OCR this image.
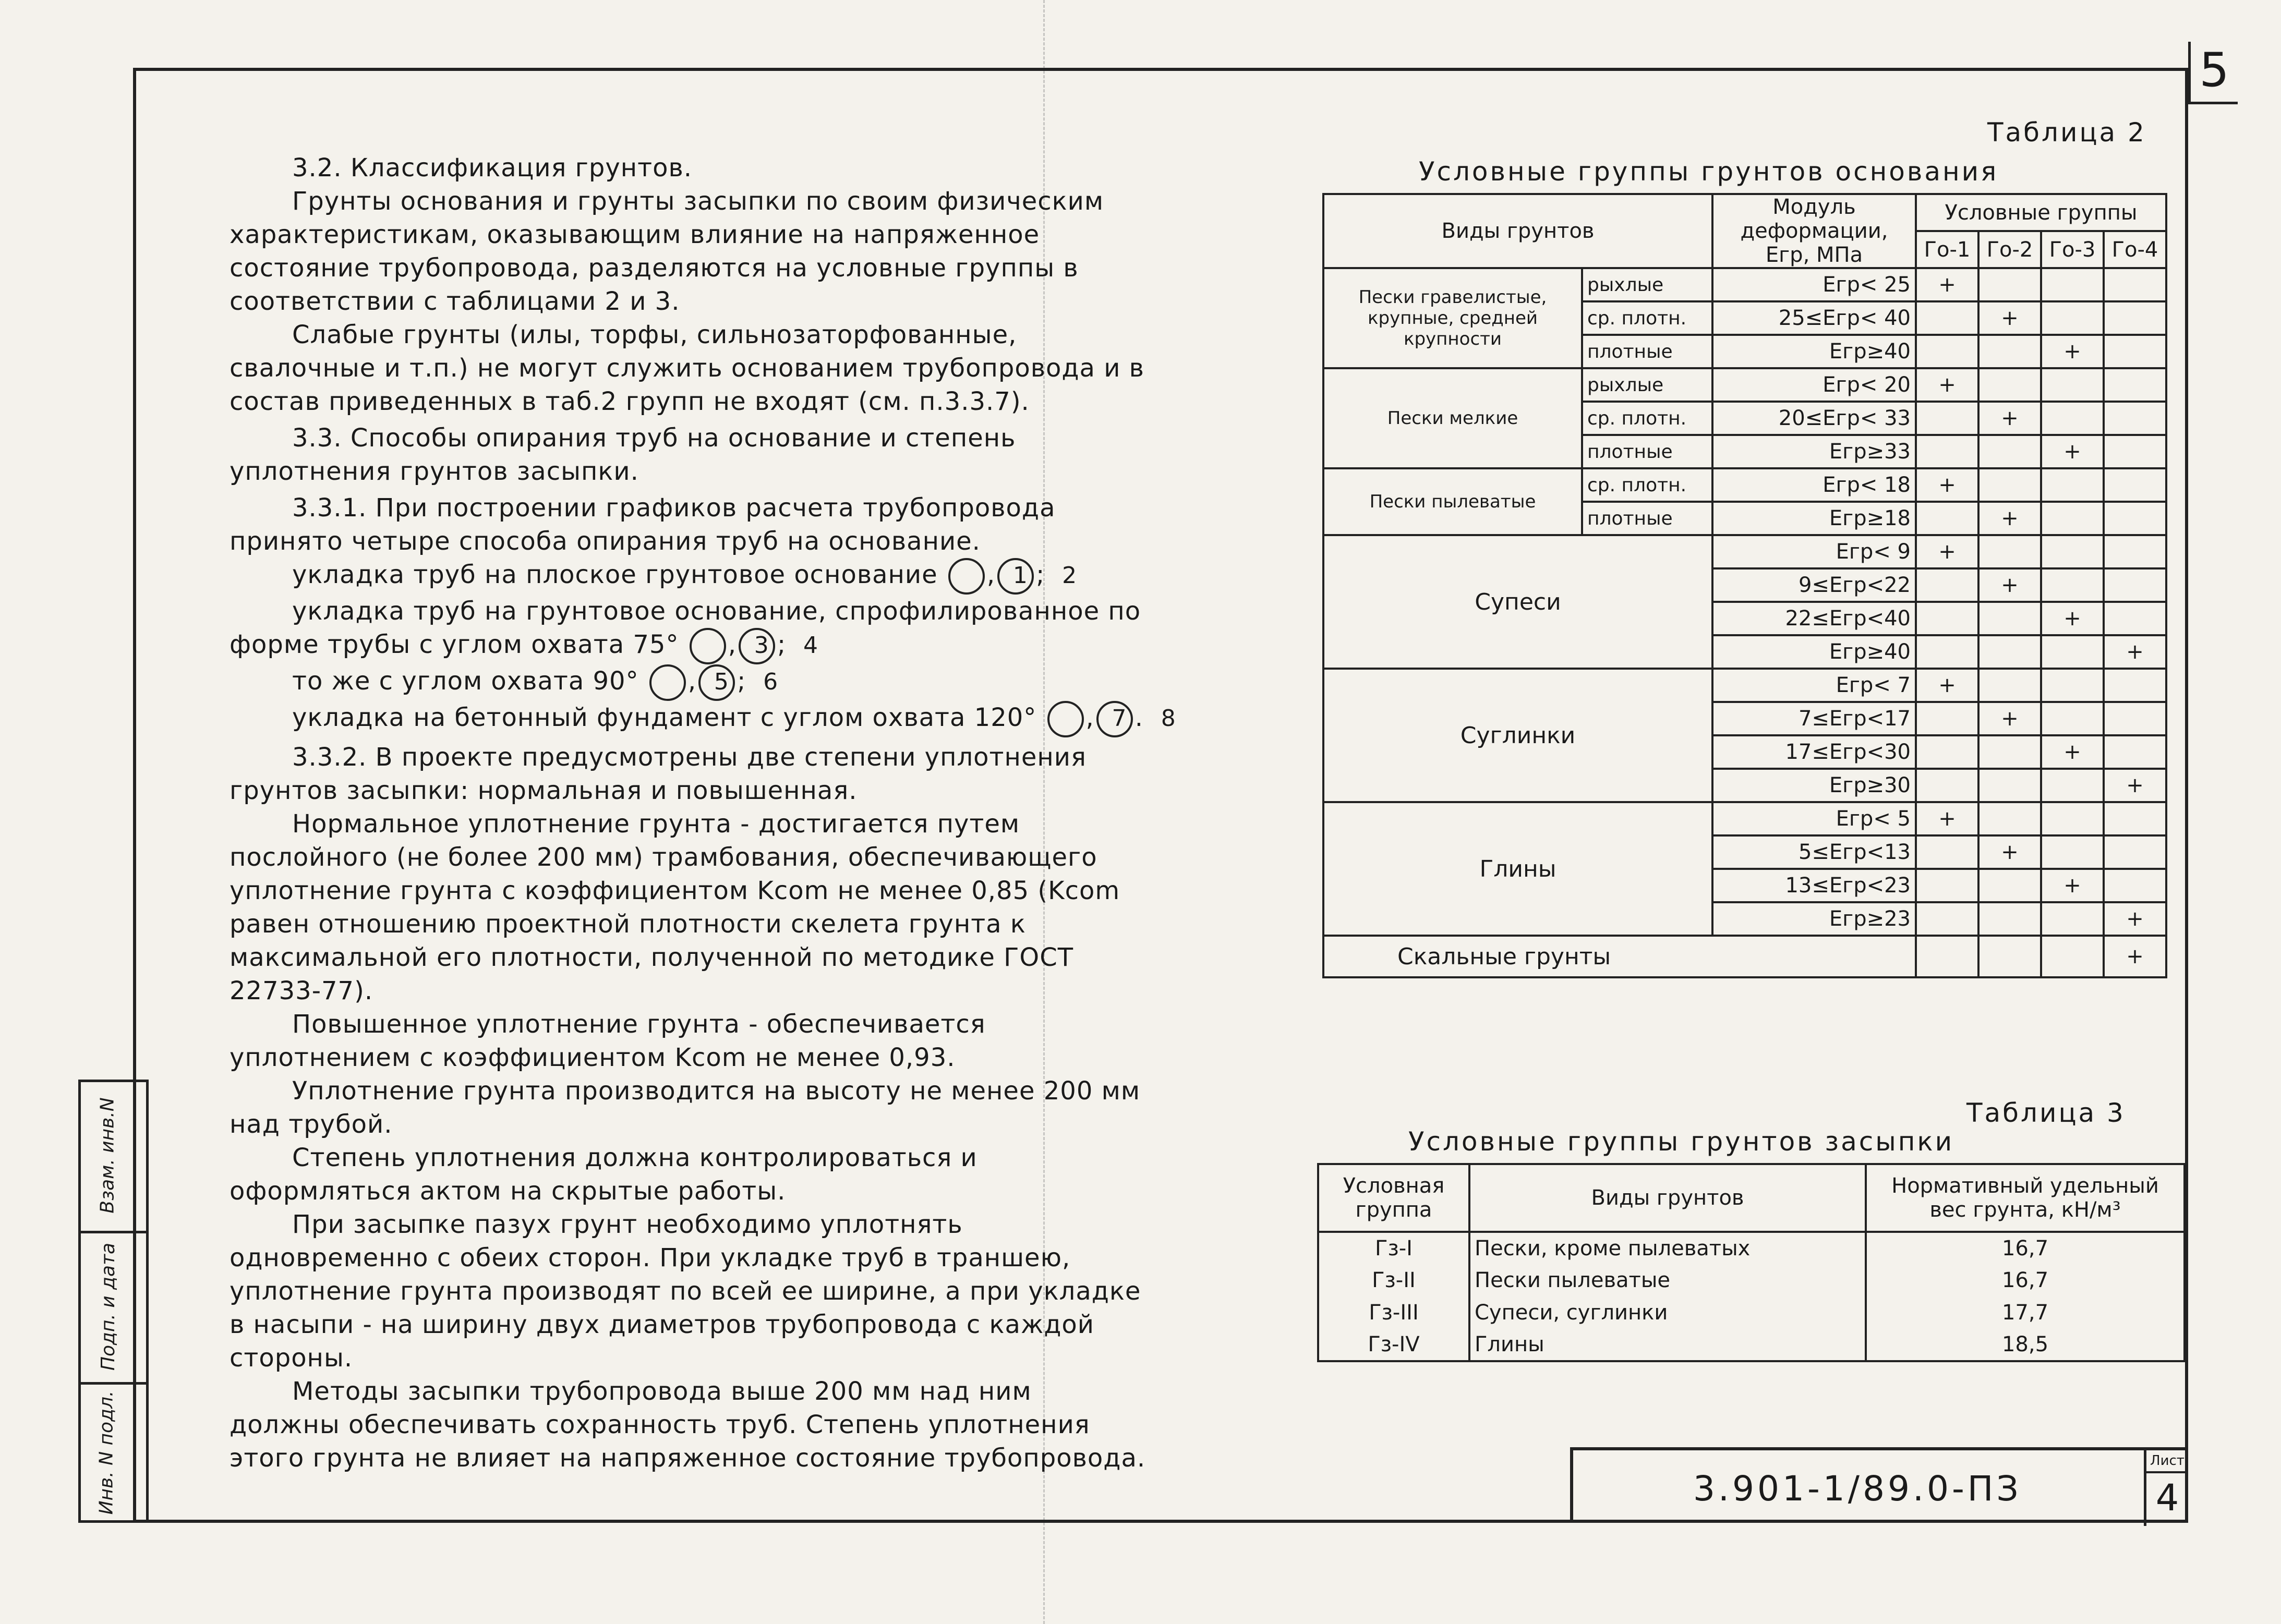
5
Взам. инв.N
Подп. и дата
Инв. N подл.

3.2. Классификация грунтов.

Грунты основания и грунты засыпки по своим физическим характеристикам, оказывающим влияние на напряженное состояние трубопровода, разделяются на условные группы в соответствии с таблицами 2 и 3.

Слабые грунты (илы, торфы, сильнозаторфованные, свалочные и т.п.) не могут служить основанием трубопровода и в состав приведенных в таб.2 групп не входят (см. п.3.3.7).

3.3. Способы опирания труб на основание и степень уплотнения грунтов засыпки.

3.3.1. При построении графиков расчета трубопровода принято четыре способа опирания труб на основание.

укладка труб на плоское грунтовое основание	1,	2;

укладка труб на грунтовое основание, спрофилированное по форме трубы с углом охвата 75°	3,	4;

то же с углом охвата 90°	5,	6;

укладка на бетонный фундамент с углом охвата 120°	7,	8.

3.3.2. В проекте предусмотрены две степени уплотнения грунтов засыпки: нормальная и повышенная.

Нормальное уплотнение грунта - достигается путем послойного (не более 200 мм) трамбования, обеспечивающего уплотнение грунта с коэффициентом Kcom не менее 0,85 (Kcom равен отношению проектной плотности скелета грунта к максимальной его плотности, полученной по методике ГОСТ 22733-77).

Повышенное уплотнение грунта - обеспечивается уплотнением с коэффициентом Kcom не менее 0,93.

Уплотнение грунта производится на высоту не менее 200 мм над трубой.

Степень уплотнения должна контролироваться и оформляться актом на скрытые работы.

При засыпке пазух грунт необходимо уплотнять одновременно с обеих сторон. При укладке труб в траншею, уплотнение грунта производят по всей ее ширине, а при укладке в насыпи - на ширину двух диаметров трубопровода с каждой стороны.

Методы засыпки трубопровода выше 200 мм над ним должны обеспечивать сохранность труб. Степень уплотнения этого грунта не влияет на напряженное состояние трубопровода.

Таблица 2
Условные группы грунтов основания
Виды грунтов		Модуль деформации, Eгр, МПа	Условные группы			
			Го-1	Го-2	Го-3	Го-4
Пески гравелистые, крупные, средней крупности	рыхлые	Eгр< 25	+			
	ср. плотн.	25≤Eгр< 40		+		
	плотные	Eгр≥40			+	
Пески мелкие	рыхлые	Eгр< 20	+			
	ср. плотн.	20≤Eгр< 33		+		
	плотные	Eгр≥33			+	
Пески пылеватые	ср. плотн.	Eгр< 18	+			
	плотные	Eгр≥18		+		
Супеси		Eгр< 9	+			
		9≤Eгр<22		+		
		22≤Eгр<40			+	
		Eгр≥40				+
Суглинки		Eгр< 7	+			
		7≤Eгр<17		+		
		17≤Eгр<30			+	
		Eгр≥30				+
Глины		Eгр< 5	+			
		5≤Eгр<13		+		
		13≤Eгр<23			+	
		Eгр≥23				+
Скальные грунты						+
Таблица 3
Условные группы грунтов засыпки
Условная группа	Виды грунтов	Нормативный удельный вес грунта, кН/м³
Гз-I	Пески, кроме пылеватых	16,7
Гз-II	Пески пылеватые	16,7
Гз-III	Супеси, суглинки	17,7
Гз-IV	Глины	18,5
3.901-1/89.0-ПЗ
Лист
4
